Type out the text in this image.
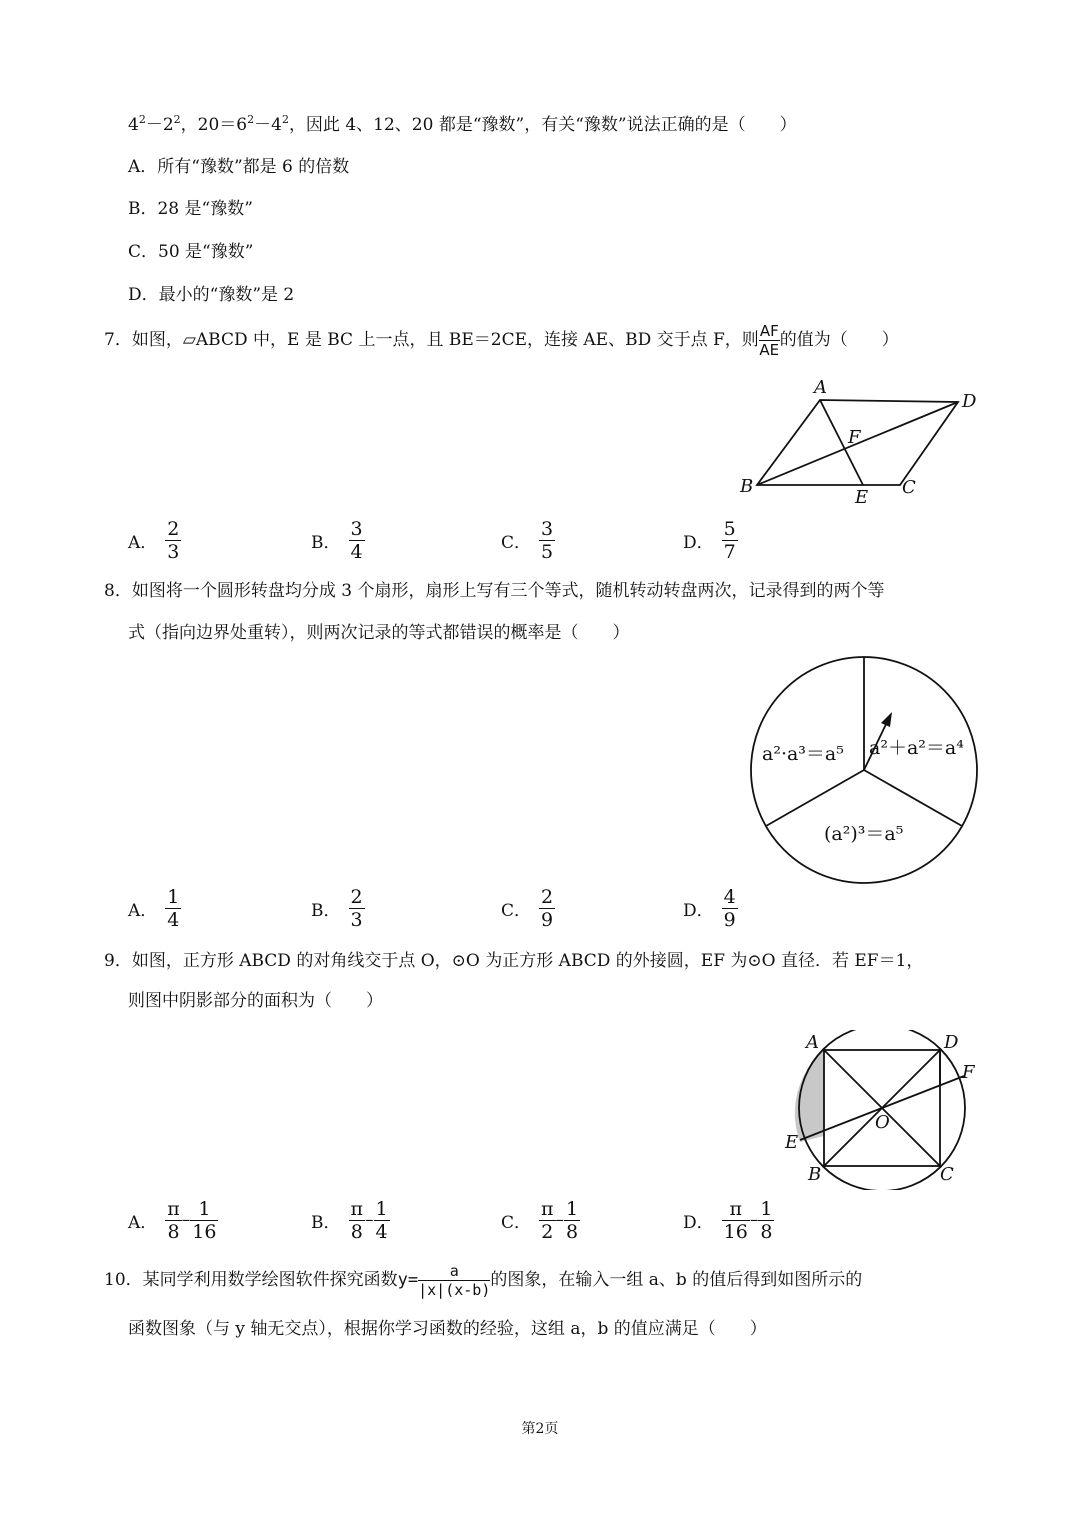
$4^2-2^2$，$20=6^2-4^2$，因此 4、12、20 都是“豫数”，有关“豫数”说法正确的是（　　）
A．所有“豫数”都是 6 的倍数
B．28 是“豫数”
C．50 是“豫数”
D．最小的“豫数”是 2
7．如图，▱ABCD 中，E 是 BC 上一点，且 BE＝2CE，连接 AE、BD 交于点 F，则 $\frac{AF}{AE}$ 的值为（　　）
A
D
F
B
E C
A． $\frac{2}{3}$	B． $\frac{3}{4}$	C． $\frac{3}{5}$	D． $\frac{5}{7}$
8．如图将一个圆形转盘均分成 3 个扇形，扇形上写有三个等式，随机转动转盘两次，记录得到的两个等
式（指向边界处重转），则两次记录的等式都错误的概率是（　　）
a²·a³＝a⁵ a²＋a²＝a⁴
(a²)³＝a⁵
A． $\frac{1}{4}$	B． $\frac{2}{3}$	C． $\frac{2}{9}$	D． $\frac{4}{9}$
9．如图，正方形 ABCD 的对角线交于点 O，⊙O 为正方形 ABCD 的外接圆，EF 为⊙O 直径．若 EF＝1，
则图中阴影部分的面积为（　　）
A	D
F
O
E
B	C
A． $\frac{\pi}{8} - \frac{1}{16}$	B． $\frac{\pi}{8} - \frac{1}{4}$	C． $\frac{\pi}{2} - \frac{1}{8}$	D． $\frac{\pi}{16} - \frac{1}{8}$
10．某同学利用数学绘图软件探究函数$y= \frac{a}{|x|(x-b)}$ 的图象，在输入一组 a、b 的值后得到如图所示的
函数图象（与 y 轴无交点），根据你学习函数的经验，这组 a，b 的值应满足（　　）
第2页
